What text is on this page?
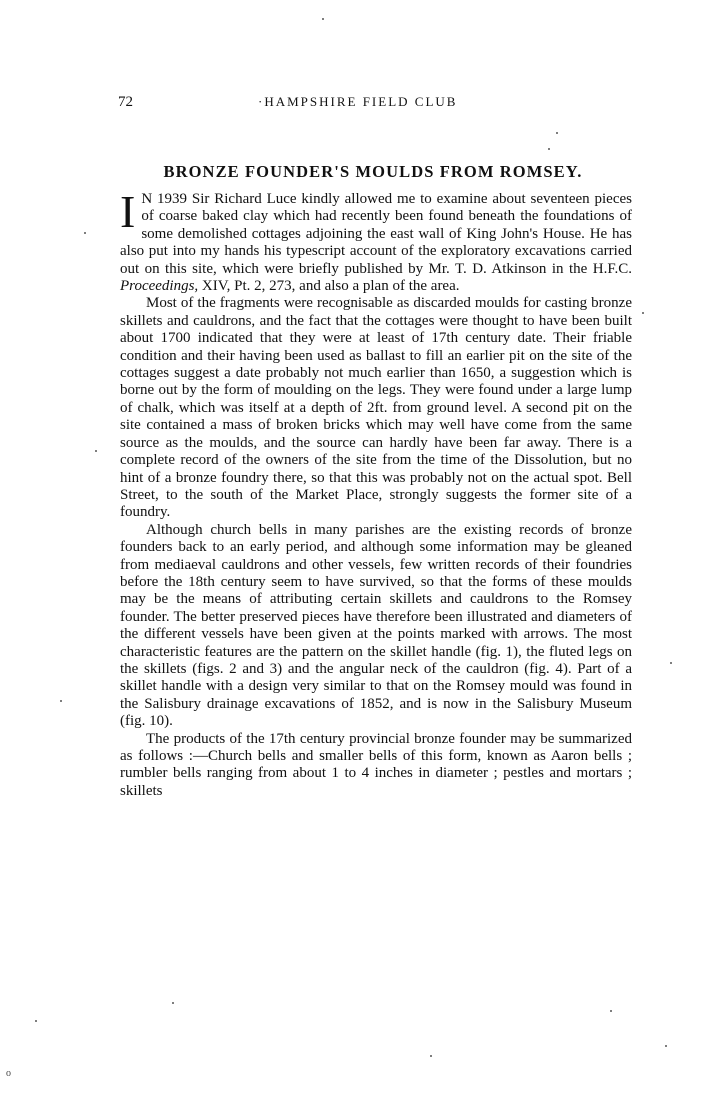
72	·HAMPSHIRE FIELD CLUB
BRONZE FOUNDER'S MOULDS FROM ROMSEY.

I N 1939 Sir Richard Luce kindly allowed me to examine about seventeen pieces of coarse baked clay which had recently been found beneath the foundations of some demolished cottages adjoining the east wall of King John's House. He has also put into my hands his typescript account of the exploratory excavations carried out on this site, which were briefly published by Mr. T. D. Atkinson in the H.F.C. Proceedings, XIV, Pt. 2, 273, and also a plan of the area.

Most of the fragments were recognisable as discarded moulds for casting bronze skillets and cauldrons, and the fact that the cottages were thought to have been built about 1700 indicated that they were at least of 17th century date. Their friable condition and their having been used as ballast to fill an earlier pit on the site of the cottages suggest a date probably not much earlier than 1650, a suggestion which is borne out by the form of moulding on the legs. They were found under a large lump of chalk, which was itself at a depth of 2ft. from ground level. A second pit on the site contained a mass of broken bricks which may well have come from the same source as the moulds, and the source can hardly have been far away. There is a complete record of the owners of the site from the time of the Dissolution, but no hint of a bronze foundry there, so that this was probably not on the actual spot. Bell Street, to the south of the Market Place, strongly suggests the former site of a foundry.

Although church bells in many parishes are the existing records of bronze founders back to an early period, and although some information may be gleaned from mediaeval cauldrons and other vessels, few written records of their foundries before the 18th century seem to have survived, so that the forms of these moulds may be the means of attributing certain skillets and cauldrons to the Romsey founder. The better preserved pieces have therefore been illustrated and diameters of the different vessels have been given at the points marked with arrows. The most characteristic features are the pattern on the skillet handle (fig. 1), the fluted legs on the skillets (figs. 2 and 3) and the angular neck of the cauldron (fig. 4). Part of a skillet handle with a design very similar to that on the Romsey mould was found in the Salisbury drainage excavations of 1852, and is now in the Salisbury Museum (fig. 10).

The products of the 17th century provincial bronze founder may be summarized as follows :—Church bells and smaller bells of this form, known as Aaron bells ; rumbler bells ranging from about 1 to 4 inches in diameter ; pestles and mortars ; skillets

o
